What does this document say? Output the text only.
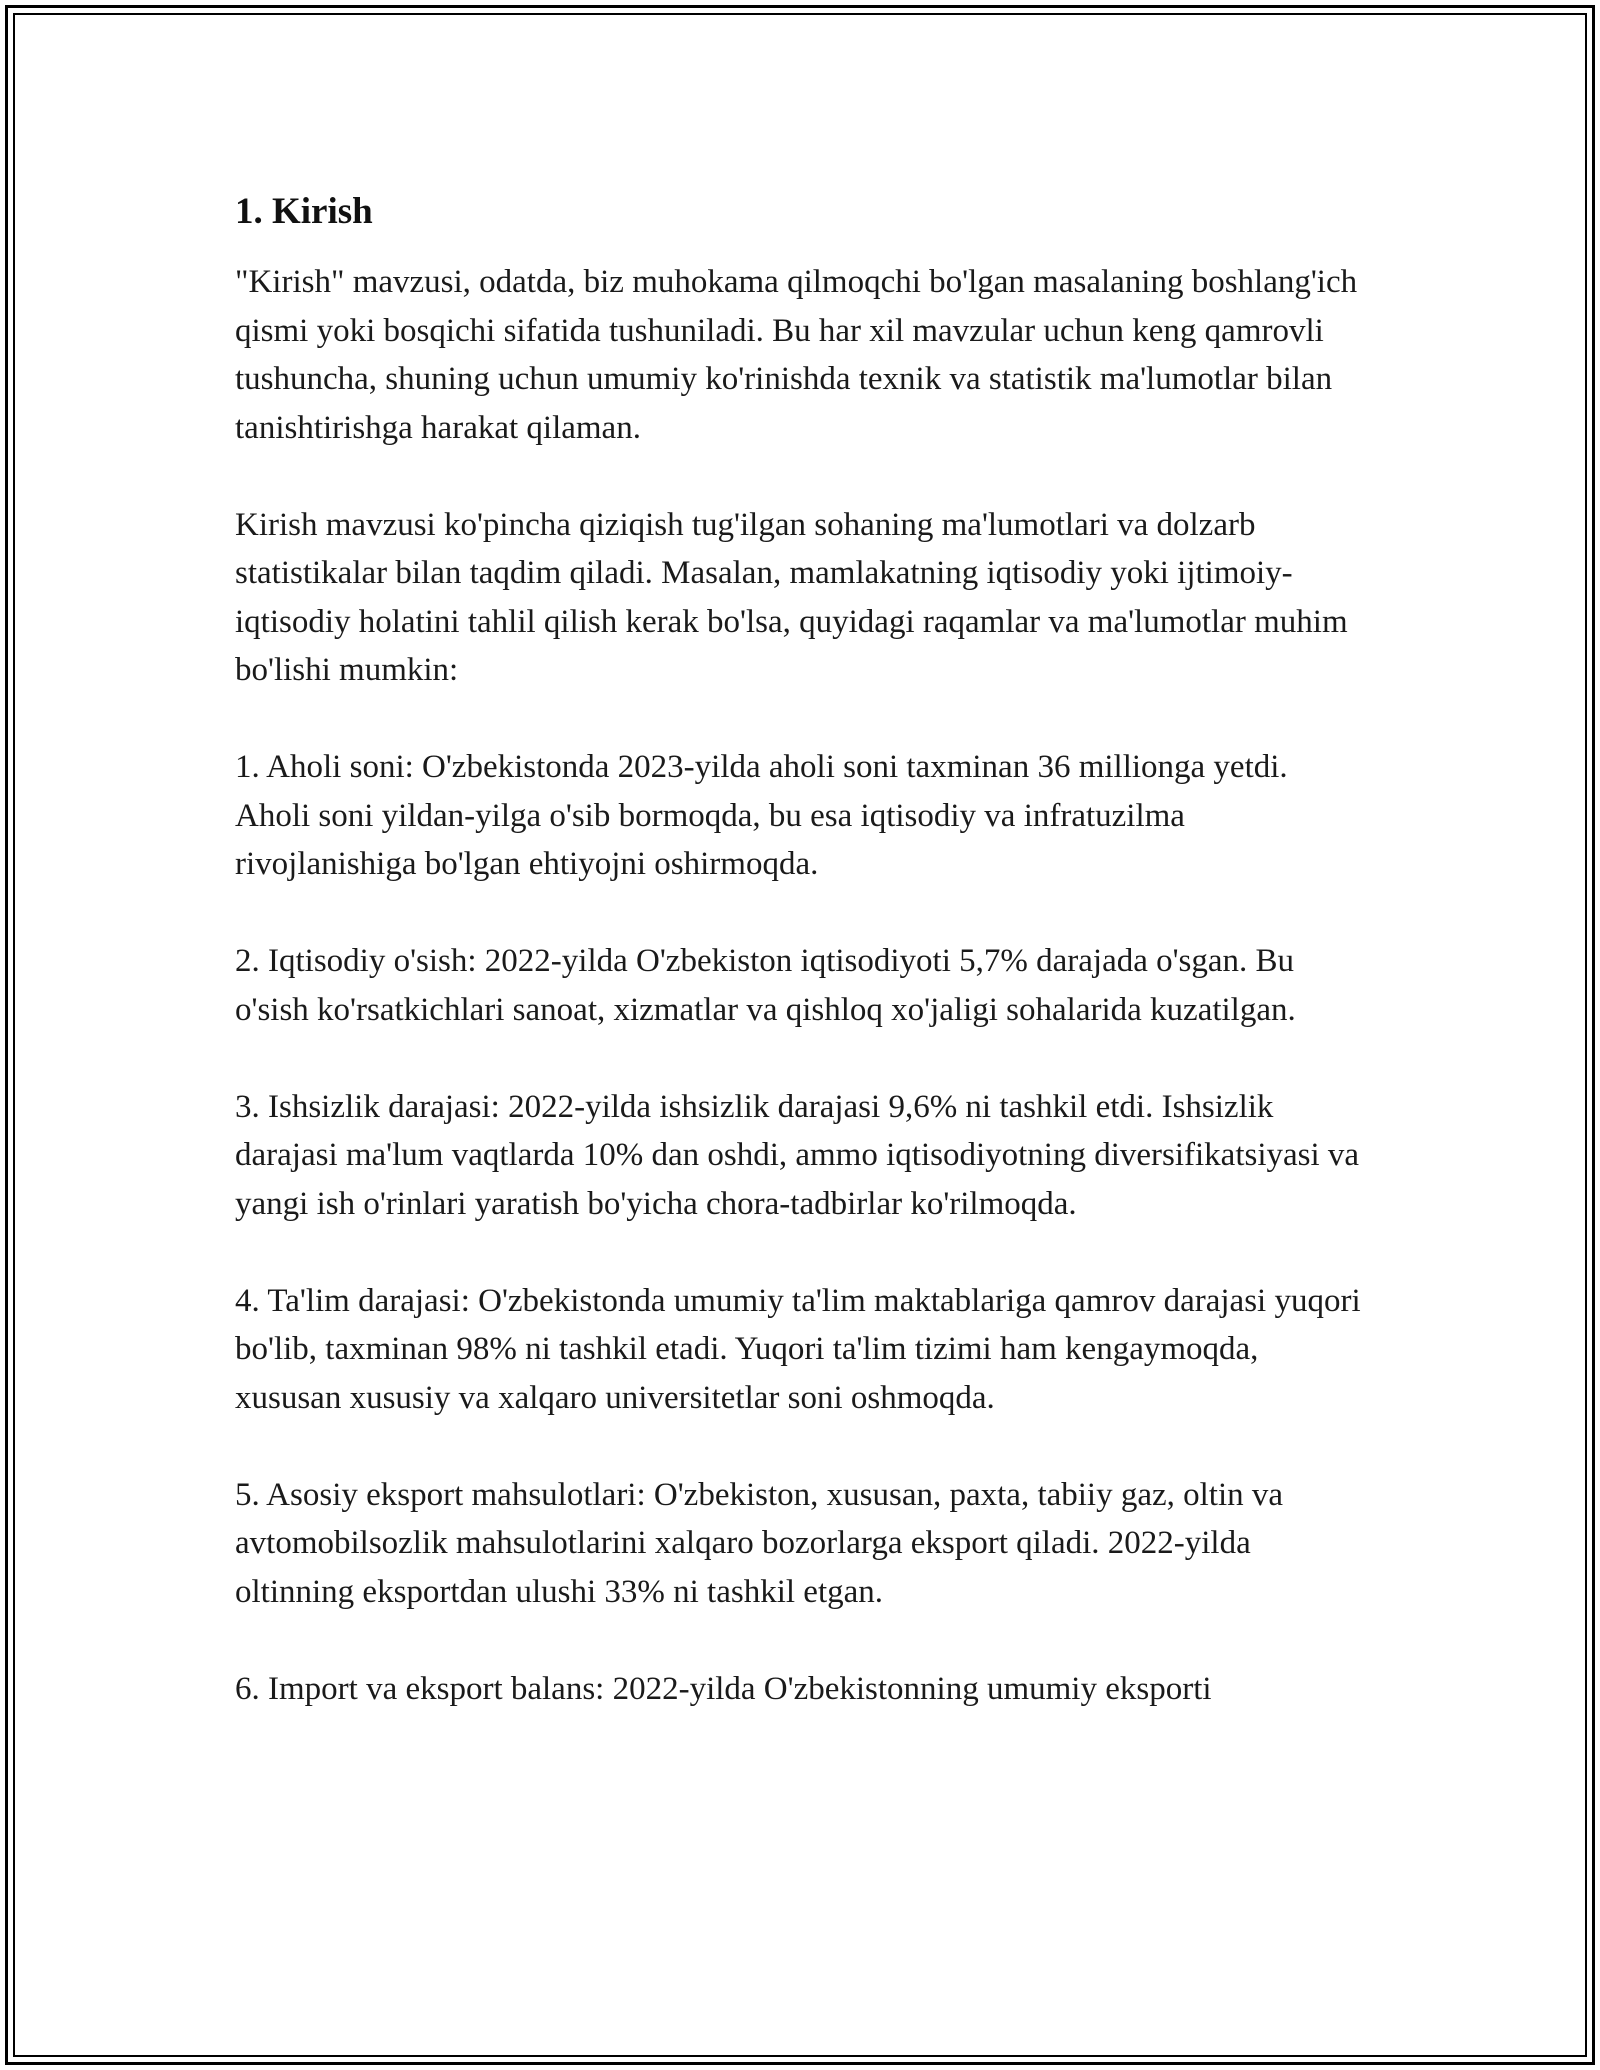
1. Kirish

"Kirish" mavzusi, odatda, biz muhokama qilmoqchi bo'lgan masalaning boshlang'ich qismi yoki bosqichi sifatida tushuniladi. Bu har xil mavzular uchun keng qamrovli tushuncha, shuning uchun umumiy ko'rinishda texnik va statistik ma'lumotlar bilan tanishtirishga harakat qilaman.

Kirish mavzusi ko'pincha qiziqish tug'ilgan sohaning ma'lumotlari va dolzarb statistikalar bilan taqdim qiladi. Masalan, mamlakatning iqtisodiy yoki ijtimoiy-iqtisodiy holatini tahlil qilish kerak bo'lsa, quyidagi raqamlar va ma'lumotlar muhim bo'lishi mumkin:

1. Aholi soni: O'zbekistonda 2023-yilda aholi soni taxminan 36 millionga yetdi. Aholi soni yildan-yilga o'sib bormoqda, bu esa iqtisodiy va infratuzilma rivojlanishiga bo'lgan ehtiyojni oshirmoqda.

2. Iqtisodiy o'sish: 2022-yilda O'zbekiston iqtisodiyoti 5,7% darajada o'sgan. Bu o'sish ko'rsatkichlari sanoat, xizmatlar va qishloq xo'jaligi sohalarida kuzatilgan.

3. Ishsizlik darajasi: 2022-yilda ishsizlik darajasi 9,6% ni tashkil etdi. Ishsizlik darajasi ma'lum vaqtlarda 10% dan oshdi, ammo iqtisodiyotning diversifikatsiyasi va yangi ish o'rinlari yaratish bo'yicha chora-tadbirlar ko'rilmoqda.

4. Ta'lim darajasi: O'zbekistonda umumiy ta'lim maktablariga qamrov darajasi yuqori bo'lib, taxminan 98% ni tashkil etadi. Yuqori ta'lim tizimi ham kengaymoqda, xususan xususiy va xalqaro universitetlar soni oshmoqda.

5. Asosiy eksport mahsulotlari: O'zbekiston, xususan, paxta, tabiiy gaz, oltin va avtomobilsozlik mahsulotlarini xalqaro bozorlarga eksport qiladi. 2022-yilda oltinning eksportdan ulushi 33% ni tashkil etgan.

6. Import va eksport balans: 2022-yilda O'zbekistonning umumiy eksporti
